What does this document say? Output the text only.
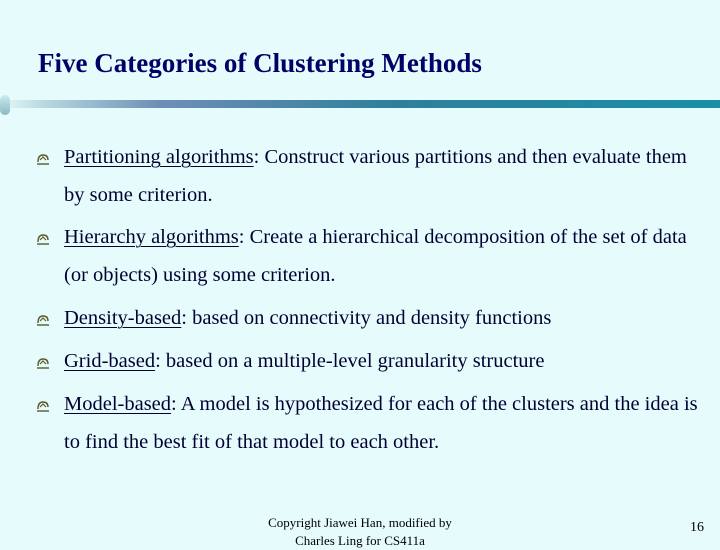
Five Categories of Clustering Methods
Partitioning algorithms: Construct various partitions and then evaluate them by some criterion.
Hierarchy algorithms: Create a hierarchical decomposition of the set of data (or objects) using some criterion.
Density-based: based on connectivity and density functions
Grid-based: based on a multiple-level granularity structure
Model-based: A model is hypothesized for each of the clusters and the idea is to find the best fit of that model to each other.
Copyright Jiawei Han, modified by Charles Ling for CS411a
16
